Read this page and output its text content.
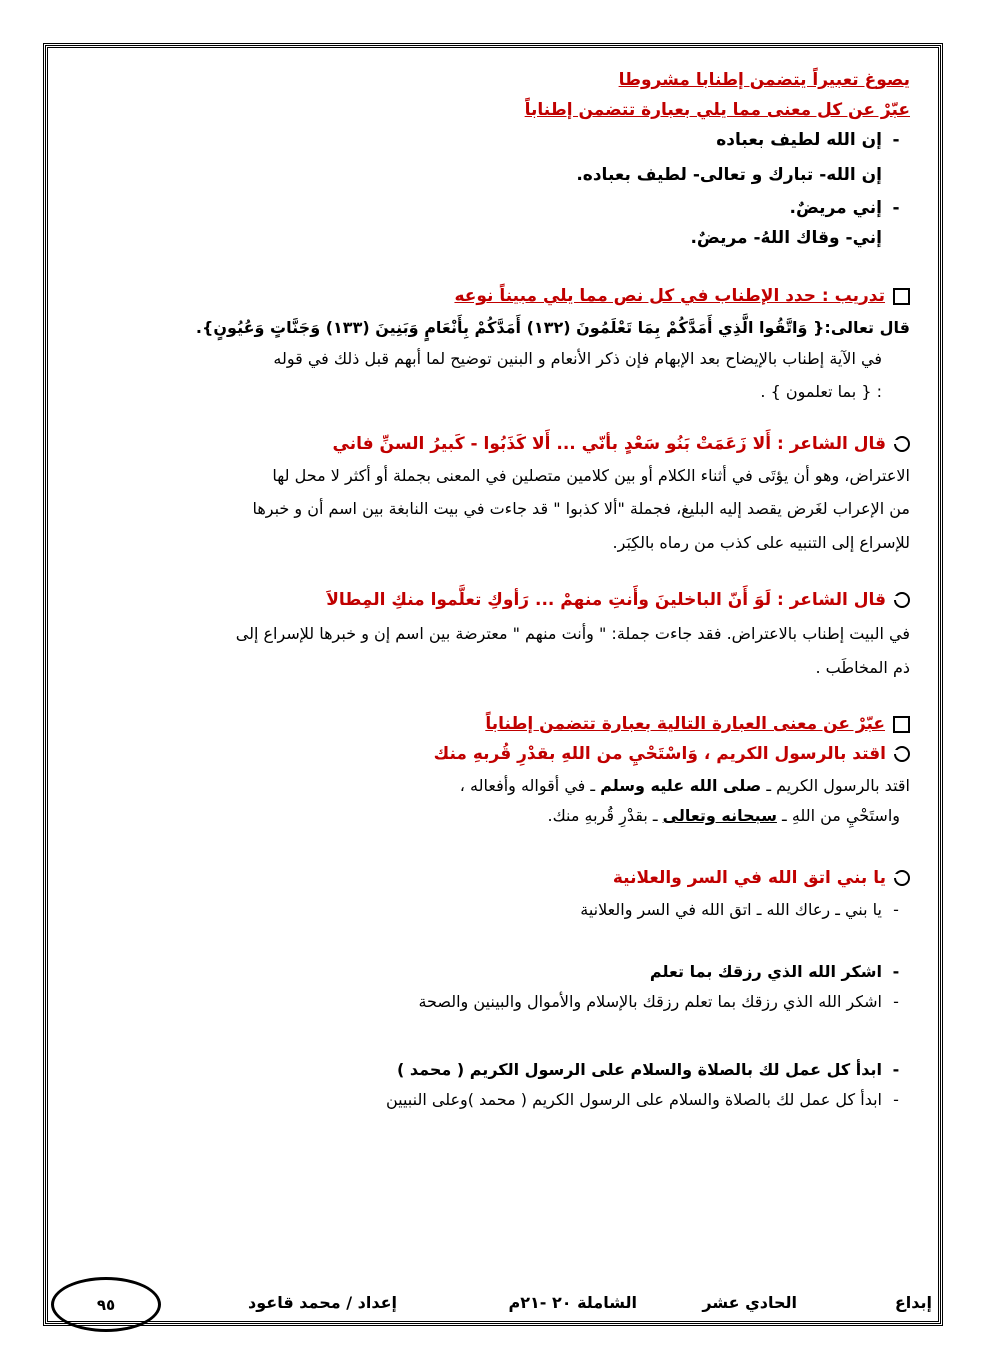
يصوغ تعبيراً يتضمن إطنابا مشروطا
عبّرْ عن كل معنى مما يلي بعبارة تتضمن إطناباً
-إن الله لطيف بعباده
إن الله- تبارك و تعالى- لطيف بعباده.
-إني مريضٌ.
إني- وقاك اللهُ- مريضٌ.
تدريب : حدد الإطناب في كل نص مما يلي مبيناً نوعه
قال تعالى:{ وَاتَّقُوا الَّذِي أَمَدَّكُمْ بِمَا تَعْلَمُونَ (١٣٢) أَمَدَّكُمْ بِأَنْعَامٍ وَبَنِينَ (١٣٣) وَجَنَّاتٍ وَعُيُونٍ}.
في الآية إطناب بالإيضاح بعد الإبهام فإن ذكر الأنعام و البنين توضيح لما أبهم قبل ذلك في قوله
: { بما تعلمون } .
قال الشاعر : أَلا زَعَمَتْ بَنُو سَعْدٍ بأنّي ... أَلا كَذَبُوا - كَبيرُ السنِّ فاني
الاعتراض، وهو أن يؤتَى في أثناء الكلام أو بين كلامين متصلين في المعنى بجملة أو أكثر لا محل لها
من الإعراب لغَرض يقصد إليه البليغ، فجملة "ألا كذبوا " قد جاءت في بيت النابغة بين اسم أن و خبرها
للإسراع إلى التنبيه على كذب من رماه بالكِبَر.
قال الشاعر : لَوَ أَنّ الباخلينَ وأَنتِ منهمْ ... رَأوكِ تعلَّموا منكِ المِطالاَ
في البيت إطناب بالاعتراض. فقد جاءت جملة: " وأنت منهم " معترضة بين اسم إن و خبرها للإسراع إلى
ذم المخاطَب .
عبّرْ عن معنى العبارة التالية بعبارة تتضمن إطناباً
اقتد بالرسول الكريم ، وَاسْتَحْيِ من اللهِ بقدْرِ قُربهِ منك
اقتد بالرسول الكريم ـ صلى الله عليه وسلم ـ في أقواله وأفعاله ،
واستَحْيِ من اللهِ ـ سبحانه وتعالى ـ بقدْرِ قُربهِ منك.
يا بني اتق الله في السر والعلانية
-يا بني ـ رعاك الله ـ اتق الله في السر والعلانية
-اشكر الله الذي رزقك بما تعلم
-اشكر الله الذي رزقك بما تعلم رزقك بالإسلام والأموال والبينين والصحة
-ابدأ كل عمل لك بالصلاة والسلام على الرسول الكريم ( محمد )
-ابدأ كل عمل لك بالصلاة والسلام على الرسول الكريم ( محمد )وعلى النبيين
إبداع
الحادي عشر
الشاملة ٢٠ -٢١م
إعداد / محمد قاعود
٩٥
